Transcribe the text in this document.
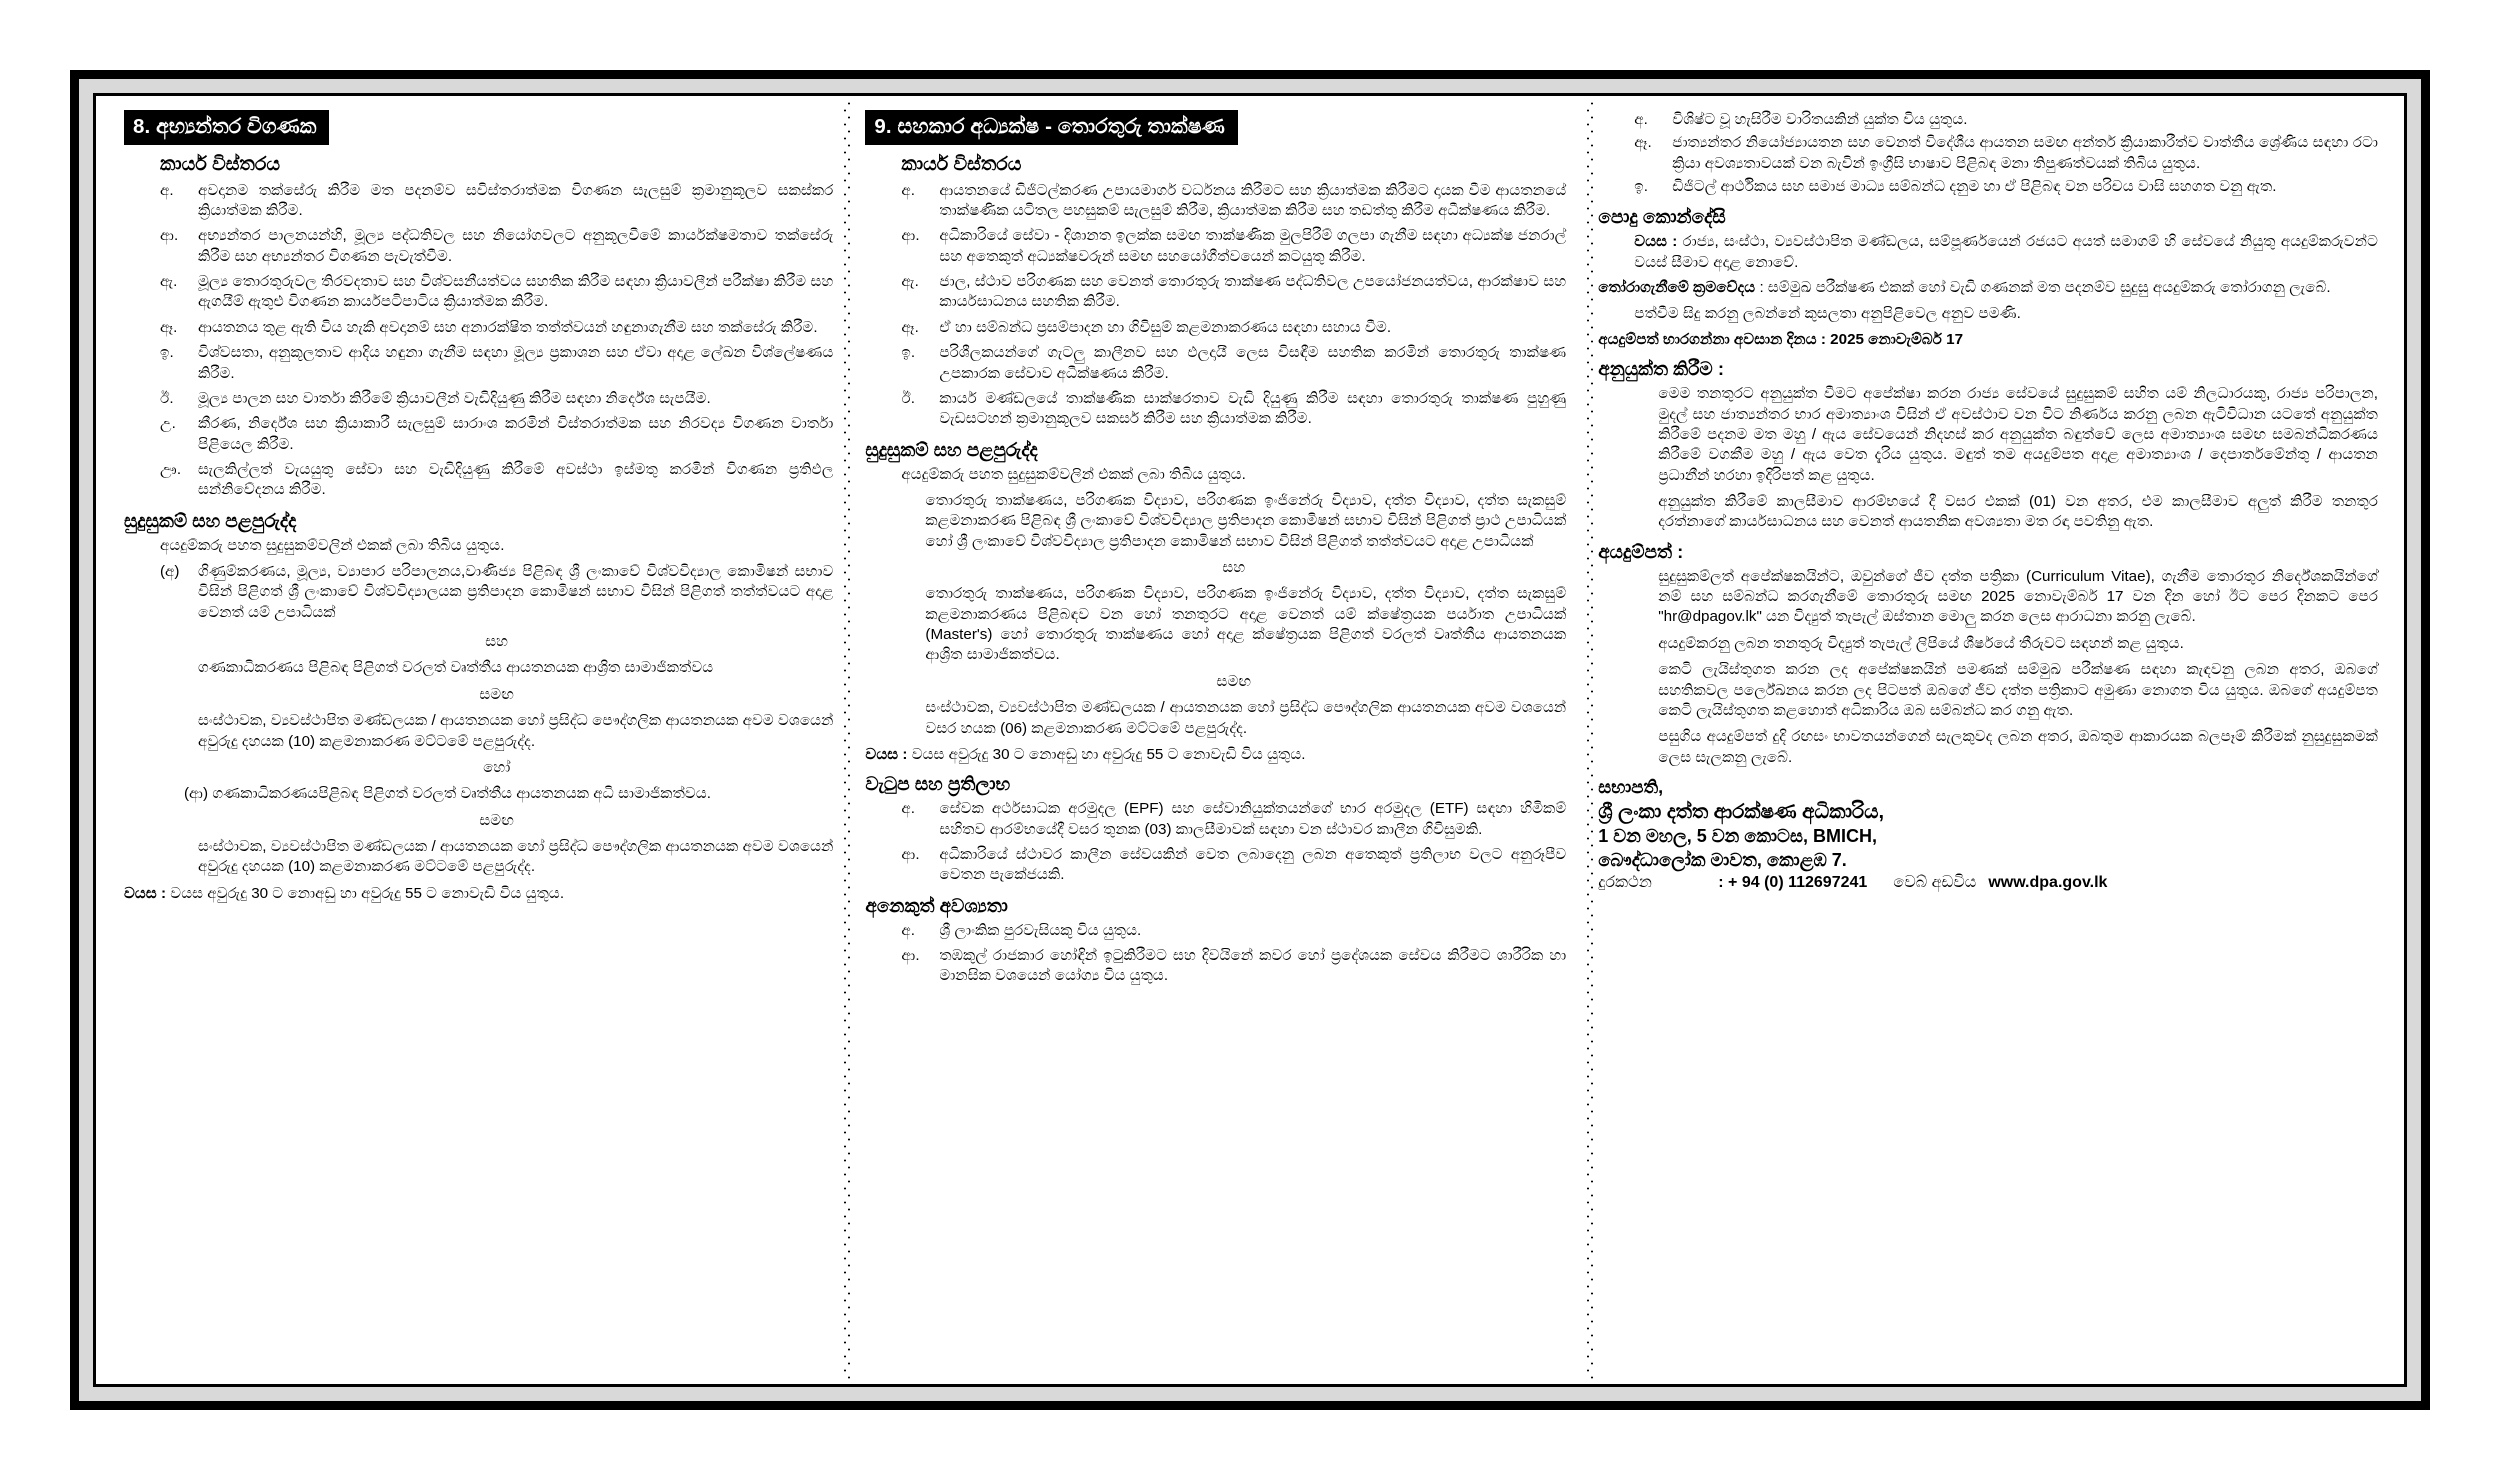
8. අභ්‍යන්තර විගණක
කාර්ය විස්තරය
අ.	අවදානම තක්සේරු කිරීම මත පදනම්ව සවිස්තරාත්මක විගණන සැලසුම් ක්‍රමානුකූලව සකස්කර ක්‍රියාත්මක කිරීම.
ආ.	අභ්‍යන්තර පාලනයන්හි, මූල්‍ය පද්ධතිවල සහ නියෝගවලට අනුකූලවීමේ කාර්යක්ෂමතාව තක්සේරු කිරීම සහ අභ්‍යන්තර විගණන පැවැත්වීම.
ඇ.	මූල්‍ය තොරතුරුවල තිරවදතාව සහ විශ්වසනීයත්වය සහතික කිරීම සඳහා ක්‍රියාවලීන් පරීක්ෂා කිරීම සහ ඇගයීම් ඇතුළු විගණන කාර්යපටිපාටිය ක්‍රියාත්මක කිරීම.
ඈ.	ආයතනය තුළ ඇති විය හැකි අවදානම් සහ අනාරක්ෂිත තත්ත්වයන් හඳුනාගැනීම සහ තක්සේරු කිරීම.
ඉ.	විශ්වසතා, අනුකූලතාව ආදිය හඳුනා ගැනීම සඳහා මූල්‍ය ප්‍රකාශන සහ ඒවා අදාළ ලේඛන විශ්ලේෂණය කිරීම.
ඊ.	මූල්‍ය පාලන සහ වාර්තා කිරීමේ ක්‍රියාවලීන් වැඩිදියුණු කිරීම සඳහා නිර්දේශ සැපයීම.
උ.	කීරණ, නිර්දේශ සහ ක්‍රියාකාරී සැලසුම් සාරාංශ කරමින් විස්තරාත්මක සහ නිරවද්‍ය විගණන වාර්තා පිළියෙල කිරීම.
ඌ.	සැලකිල්ලත් වැයයුතු සේවා සහ වැඩිදියුණු කිරීමේ අවස්ථා ඉස්මතු කරමින් විගණන ප්‍රතිඵල සන්නිවේදනය කිරීම.
සුදුසුකම් සහ පළපුරුද්ද

අයදුම්කරු පහත සුදුසුකම්වලින් එකක් ලබා තිබිය යුතුය.

(අ)	ගිණුම්කරණය, මූල්‍ය, ව්‍යාපාර පරිපාලනය,වාණිජ්‍ය පිළිබඳ ශ්‍රී ලංකාවේ විශ්වවිද්‍යාල කොමිෂන් සභාව විසින් පිළිගත් ශ්‍රී ලංකාවේ විශ්වවිද්‍යාලයක ප්‍රතිපාදන කොමිෂන් සභාව විසින් පිළිගත් තත්ත්වයට අදාළ වෙනත් යම් උපාධියක්

සහ

ගණකාධිකරණය පිළිබඳ පිළිගත් වරලත් වෘත්තීය ආයතනයක ආශ්‍රිත සාමාජිකත්වය

සමඟ

සංස්ථාවක, ව්‍යවස්ථාපිත මණ්ඩලයක / ආයතනයක හෝ ප්‍රසිද්ධ පෞද්ගලික ආයතනයක අවම වශයෙන් අවුරුදු දහයක (10) කළමනාකරණ මට්ටමේ පළපුරුද්ද.

හෝ

(ආ) ගණකාධිකරණයපිළිබඳ පිළිගත් වරලත් වෘත්තීය ආයතනයක අධි සාමාජිකත්වය.

සමඟ

සංස්ථාවක, ව්‍යවස්ථාපිත මණ්ඩලයක / ආයතනයක හෝ ප්‍රසිද්ධ පෞද්ගලික ආයතනයක අවම වශයෙන් අවුරුදු දහයක (10) කළමනාකරණ මට්ටමේ පළපුරුද්ද.

වයස : වයස අවුරුදු 30 ට නොඅඩු හා අවුරුදු 55 ට නොවැඩි විය යුතුය.

9. සහකාර අධ්‍යක්ෂ - තොරතුරු තාක්ෂණ
කාර්ය විස්තරය
අ.	ආයතනයේ ඩිජිටල්කරණ උපායමාර්ග වර්ධනය කිරීමට සහ ක්‍රියාත්මක කිරීමට දායක වීම ආයතනයේ තාක්ෂණික යටිතල පහසුකම් සැලසුම් කිරීම, ක්‍රියාත්මක කිරීම සහ තඩත්තු කිරීම අධීක්ෂණය කිරීම.
ආ.	අධිකාරියේ සේවා - දිශානත ඉලක්ක සමඟ තාක්ෂණික මුලපිරීම් ගලපා ගැනීම සඳහා අධ්‍යක්ෂ ජනරාල් සහ අතෙකුත් අධ්‍යක්ෂවරුන් සමඟ සහයෝගීත්වයෙන් කටයුතු කිරීම.
ඇ.	ජාල, ස්ථාව පරිගණක සහ වෙනත් තොරතුරු තාක්ෂණ පද්ධතිවල උපයෝජනයත්වය, ආරක්ෂාව සහ කාර්යසාධනය සහතික කිරීම.
ඈ.	ඒ හා සම්බන්ධ ප්‍රසම්පාදන හා ගිවිසුම් කළමනාකරණය සඳහා සහාය වීම.
ඉ.	පරිශීලකයන්ගේ ගැටලු කාලීනව සහ ඵලදායී ලෙස විසඳීම සහතික කරමින් තොරතුරු තාක්ෂණ උපකාරක සේවාව අධීක්ෂණය කිරීම.
ඊ.	කාර්ය මණ්ඩලයේ තාක්ෂණික සාක්ෂරතාව වැඩි දියුණු කිරීම සඳහා තොරතුරු තාක්ෂණ පුහුණු වැඩසටහන් ක්‍රමානුකූලව සකසර් කිරීම සහ ක්‍රියාත්මක කිරීම.
සුදුසුකම් සහ පළපුරුද්ද

අයදුම්කරු පහත සුදුසුකම්වලින් එකක් ලබා තිබිය යුතුය.

තොරතුරු තාක්ෂණය, පරිගණක විද්‍යාව, පරිගණක ඉංජිනේරු විද්‍යාව, දත්ත විද්‍යාව, දත්ත සැකසුම් කළමනාකරණ පිළිබඳ ශ්‍රී ලංකාවේ විශ්වවිද්‍යාල ප්‍රතිපාදන කොමිෂන් සභාව විසින් පිළිගත් ප්‍රාථ උපාධියක් හෝ ශ්‍රී ලංකාවේ විශ්වවිද්‍යාල ප්‍රතිපාදන කොමිෂන් සභාව විසින් පිළිගත් තත්ත්වයට අදාළ උපාධියක්

සහ

තොරතුරු තාක්ෂණය, පරිගණක විද්‍යාව, පරිගණක ඉංජිනේරු විද්‍යාව, දත්ත විද්‍යාව, දත්ත සැකසුම් කළමනාකරණය පිළිබඳව වන හෝ තනතුරට අදාළ වෙනත් යම් ක්ෂේත්‍රයක පර්යාත උපාධියක් (Master's) හෝ තොරතුරු තාක්ෂණය හෝ අදාළ ක්ෂේත්‍රයක පිළිගත් වරලත් වෘත්තීය ආයතනයක ආශ්‍රිත සාමාජිකත්වය.

සමඟ

සංස්ථාවක, ව්‍යවස්ථාපිත මණ්ඩලයක / ආයතනයක හෝ ප්‍රසිද්ධ පෞද්ගලික ආයතනයක අවම වශයෙන් වසර හයක (06) කළමනාකරණ මට්ටමේ පළපුරුද්ද.

වයස : වයස අවුරුදු 30 ට නොඅඩු හා අවුරුදු 55 ට නොවැඩි විය යුතුය.

වැටුප සහ ප්‍රතිලාභ
අ.	සේවක අර්ථසාධක අරමුදල (EPF) සහ සේවානියුක්තයන්ගේ භාර අරමුදල (ETF) සඳහා හිමිකම් සහිතව ආරම්භයේදී වසර තුනක (03) කාලසීමාවක් සඳහා වන ස්ථාවර කාලීන ගිවිසුමකි.
ආ.	අධිකාරියේ ස්ථාවර කාලීන සේවයකින් වෙත ලබාදෙනු ලබන අතෙකුත් ප්‍රතිලාභ වලට අනුරූපීව වෙතන පැකේජයකි.
අනෙකුත් අවශ්‍යතා
අ.	ශ්‍රී ලාංකික පුරවැසියකු විය යුතුය.
ආ.	තඹකුල් රාජකාර හෝඳින් ඉටුකිරීමට සහ දිවයිනේ කවර හෝ ප්‍රදේශයක සේවය කිරීමට ශාරීරික හා මානසික වශයෙන් යෝග්‍ය විය යුතුය.
අ.	විශිෂ්ට වූ හැසිරීම වාරිතයකින් යුක්ත විය යුතුය.
ඈ.	ජාත්‍යන්තර නියෝජ්‍යායතන සහ වෙනත් විදේශීය ආයතන සමඟ අන්තර් ක්‍රියාකාරීත්ව වාත්තීය ශ්‍රේණිය සඳහා රටා ක්‍රියා අවශ්‍යතාවයක් වන බැවින් ඉංග්‍රීසි භාෂාව පිළිබඳ මනා තිපුණත්වයක් තිබිය යුතුය.
ඉ.	ඩිජිටල් ආර්ථිකය සහ සමාජ මාධ්‍ය සම්බන්ධ දනුම හා ඒ පිළිබඳ වන පරිචය වාසි සහගත වනු ඇත.
පොදු කොන්දේසි

වයස : රාජ්‍ය, සංස්ථා, ව්‍යවස්ථාපිත මණ්ඩලය, සම්පූර්ණයෙන් රජයට අයත් සමාගම් හි සේවයේ නියුතු අයදුම්කරුවන්ට වයස් සීමාව අදාළ නොවේ.

තෝරාගැනීමේ ක්‍රමවේදය : සම්මුඛ පරීක්ෂණ එකක් හෝ වැඩි ගණනක් මත පදනම්ව සුදුසු අයදුම්කරු තෝරාගනු ලැබේ.

පත්වීම සිදු කරනු ලබන්නේ කුසලතා අනුපිළිවෙල අනුව පමණි.

අයදුම්පත් භාරගන්නා අවසාන දිනය : 2025 නොවැම්බර් 17

අනුයුක්ත කිරීම :

මෙම තනතුරට අනුයුක්ත වීමට අපේක්ෂා කරන රාජ්‍ය සේවයේ සුදුසුකම් සහිත යම් නිලධාරයකු, රාජ්‍ය පරිපාලන, මුදල් සහ ජාත්‍යන්තර භාර අමාත්‍යාංශ විසින් ඒ අවස්ථාව වන විට නිර්ණය කරනු ලබන ඇටිවිධාන යටතේ අනුයුක්ත කිරීමේ පදනම මත මහු / ඇය සේවයෙන් නිදහස් කර අනුයුක්ත බඳුත්වේ ලෙස අමාත්‍යාංශ සමඟ සමබන්ධිකරණය කිරීමේ වගකීම මහු / ඇය වෙත දැරිය යුතුය. මඳුත් තම අයදුම්පත අදාළ අමාත්‍යාංශ / දෙපාර්තමේන්තු / ආයතන ප්‍රධානීන් හරහා ඉදිරිපත් කළ යුතුය.

අනුයුක්ත කිරීමේ කාලසීමාව ආරම්භයේ දී වසර එකක් (01) වන අතර, එම කාලසීමාව අලුත් කිරීම තනතුර දරත්නාගේ කාර්යසාධනය සහ වෙනත් ආයතනික අවශ්‍යතා මත රඳා පවතිනු ඇත.

අයදුම්පත් :

සුදුසුකම්ලත් අපේක්ෂකයින්ට, ඔවුන්ගේ ජීව දත්ත පත්‍රිකා (Curriculum Vitae), ගැනීම තොරතුර නිර්දේශකයින්ගේ නම් සහ සම්බන්ධ කරගැනීමේ තොරතුරු සමඟ 2025 නොවැම්බර් 17 වන දින හෝ ඊට පෙර දිනකට පෙර "hr@dpagov.lk" යන විද්‍යුත් තැපැල් ඔස්තාන මොලු කරන ලෙස ආරාධනා කරනු ලැබේ.

අයදුම්කරනු ලබන තනතුරු විද්‍යුත් තැපැල් ලිපියේ ශීර්ෂයේ තීරුවට සඳහන් කළ යුතුය.

කෙටි ලැයිස්තුගත කරන ලද අපේක්ෂකයින් පමණක් සම්මුඛ පරීක්ෂණ සඳහා කැඳවනු ලබන අතර, ඔබගේ සහතිකවල පර්ලේඛනය කරන ලද පිටපත් ඔබගේ ජීව දත්ත පත්‍රිකාට අමුණා නොගත විය යුතුය. ඔබගේ අයදුම්පත කෙටි ලැයිස්තුගත කළහොත් අධිකාරිය ඔබ සම්බන්ධ කර ගනු ඇත.

පසුගිය අයදුම්පත් දුදි රඟසං භාවතයන්ගෙන් සැලකුවද ලබන අතර, ඔබතුම ආකාරයක බලපෑම් කිරීමක් නුසුදුසුකමක් ලෙස සැලකනු ලැබේ.

සභාපති,

ශ්‍රී ලංකා දත්ත ආරක්ෂණ අධිකාරිය,

1 වන මහල, 5 වන කොටස, BMICH,

බෞද්ධාලෝක මාවත, කොළඹ 7.

දුරකථන	: + 94 (0) 112697241 වෙබ් අඩවිය www.dpa.gov.lk
